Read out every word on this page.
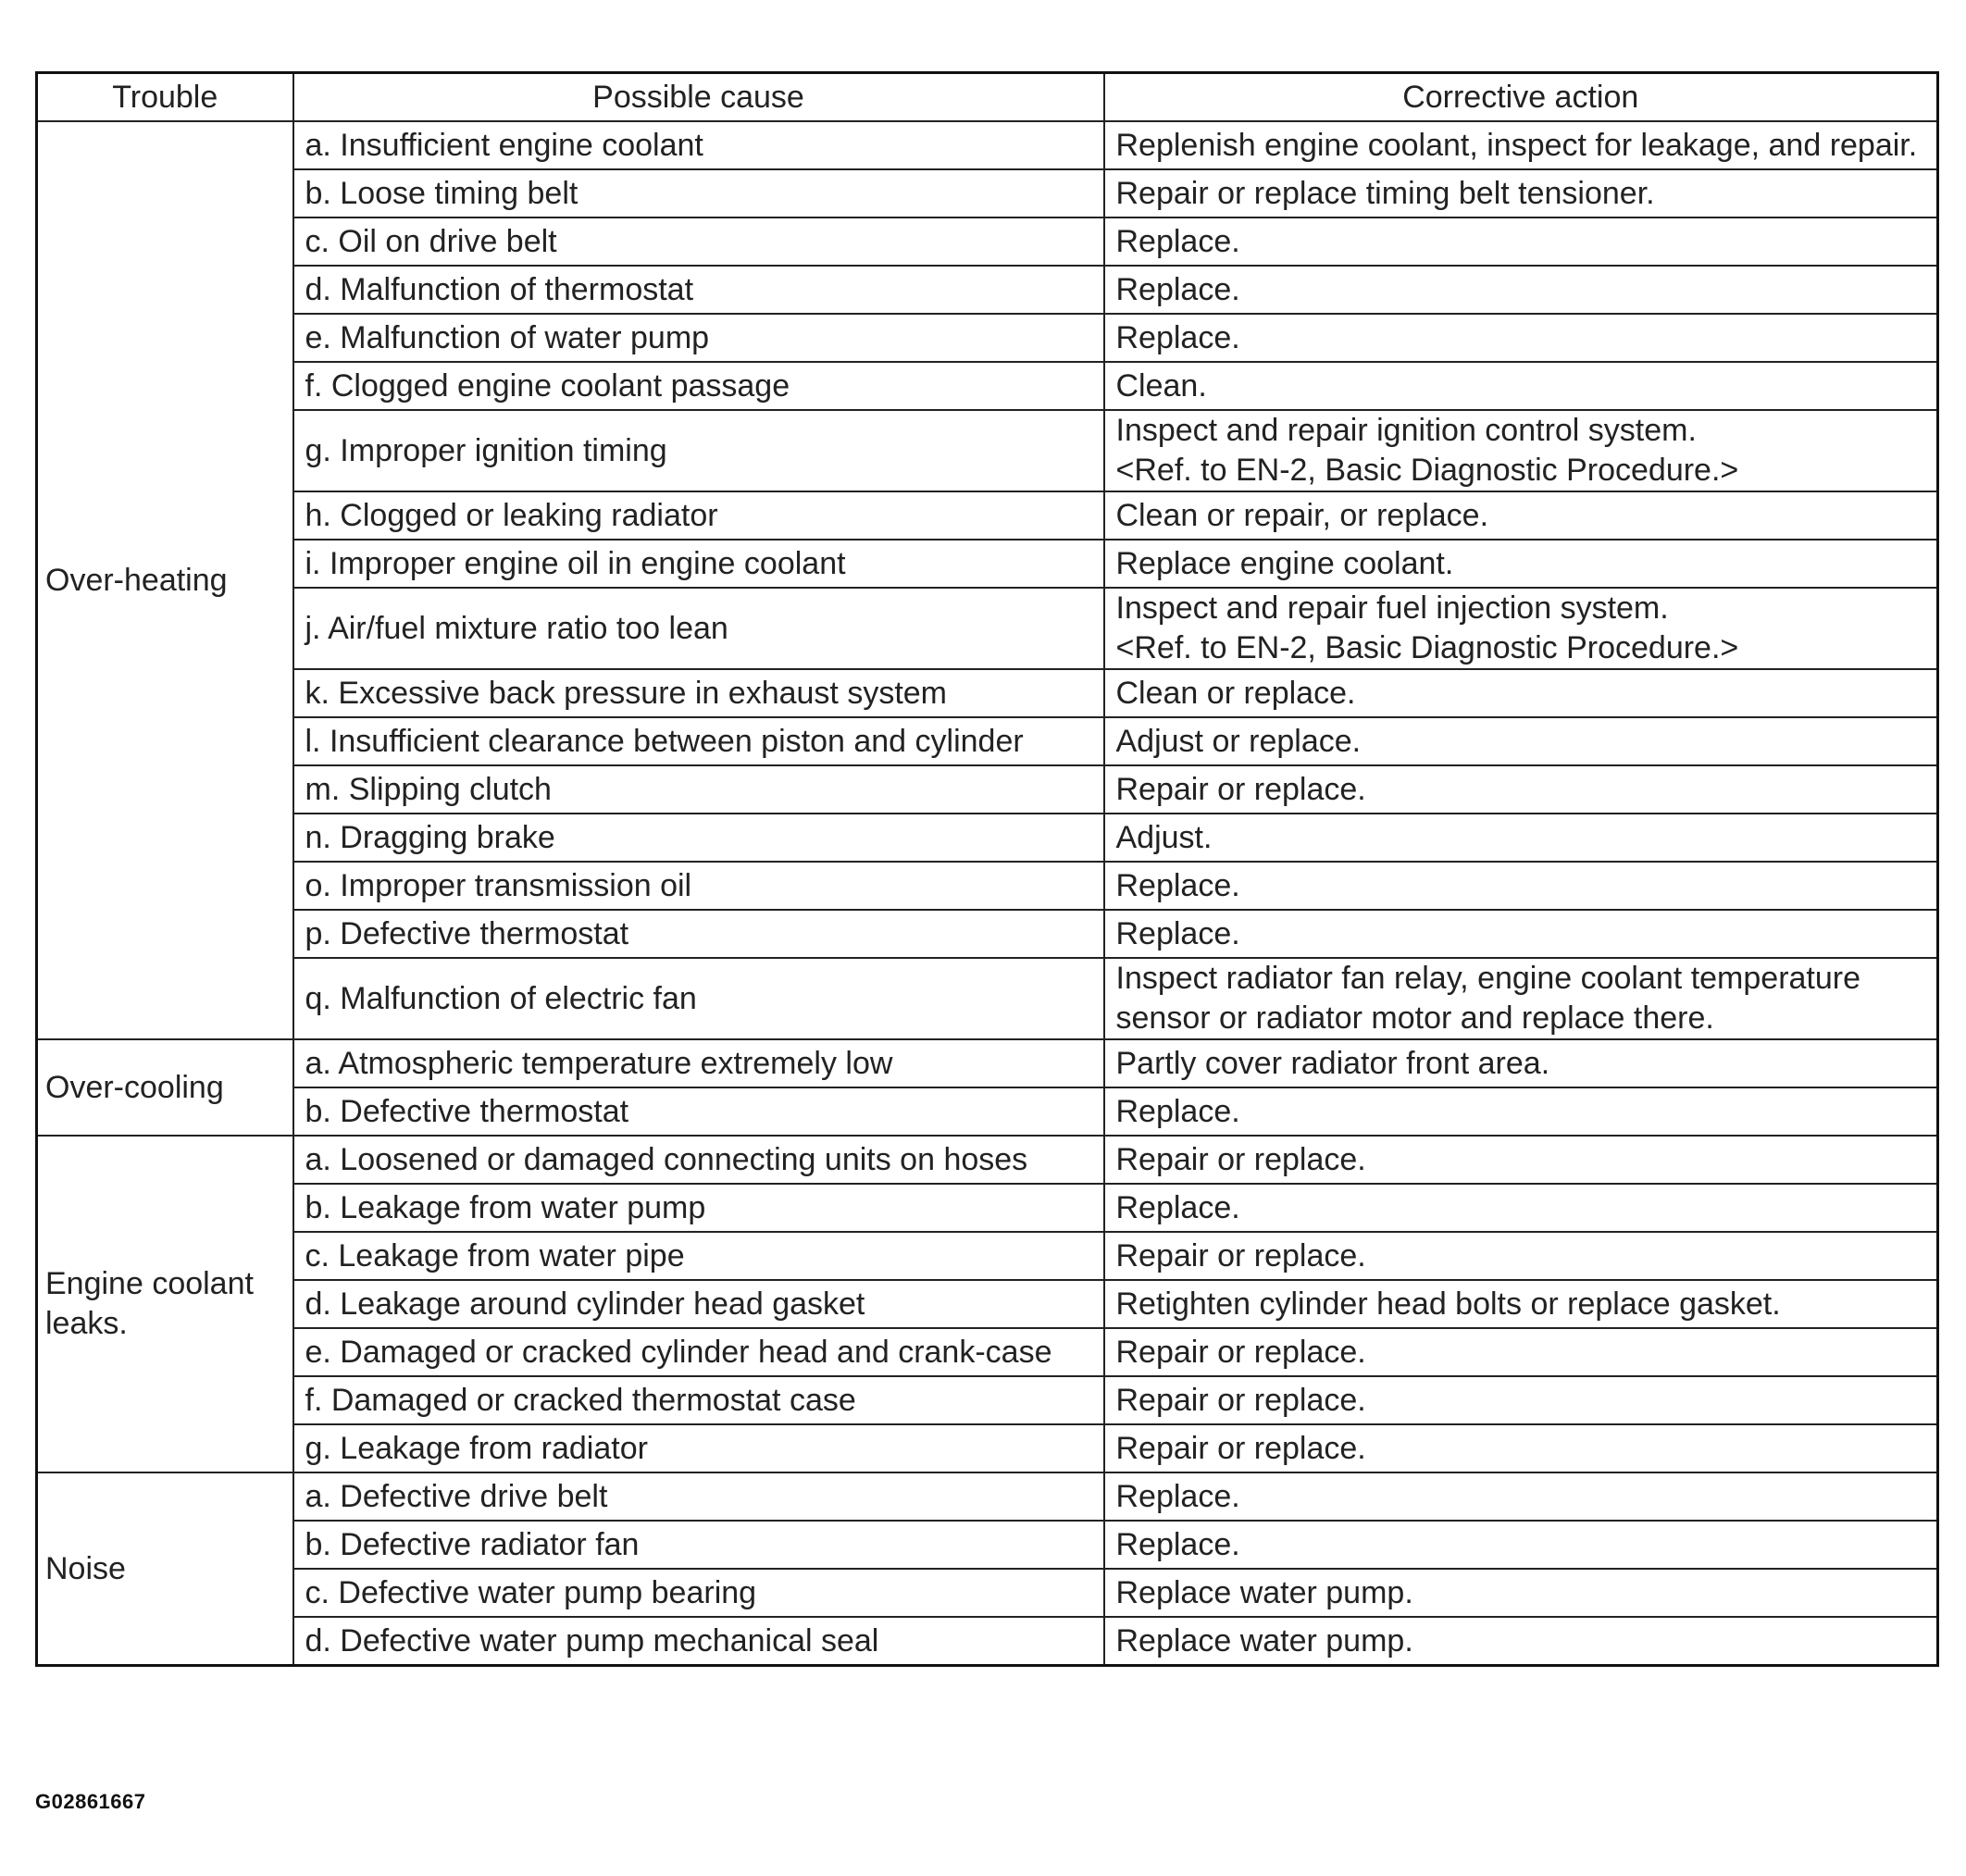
Trouble	Possible cause	Corrective action
Over-heating	a. Insufficient engine coolant	Replenish engine coolant, inspect for leakage, and repair.
	b. Loose timing belt	Repair or replace timing belt tensioner.
	c. Oil on drive belt	Replace.
	d. Malfunction of thermostat	Replace.
	e. Malfunction of water pump	Replace.
	f. Clogged engine coolant passage	Clean.
	g. Improper ignition timing	Inspect and repair ignition control system.
<Ref. to EN-2, Basic Diagnostic Procedure.>
	h. Clogged or leaking radiator	Clean or repair, or replace.
	i. Improper engine oil in engine coolant	Replace engine coolant.
	j. Air/fuel mixture ratio too lean	Inspect and repair fuel injection system.
<Ref. to EN-2, Basic Diagnostic Procedure.>
	k. Excessive back pressure in exhaust system	Clean or replace.
	l. Insufficient clearance between piston and cylinder	Adjust or replace.
	m. Slipping clutch	Repair or replace.
	n. Dragging brake	Adjust.
	o. Improper transmission oil	Replace.
	p. Defective thermostat	Replace.
	q. Malfunction of electric fan	Inspect radiator fan relay, engine coolant temperature sensor or radiator motor and replace there.
Over-cooling	a. Atmospheric temperature extremely low	Partly cover radiator front area.
	b. Defective thermostat	Replace.
Engine coolant leaks.	a. Loosened or damaged connecting units on hoses	Repair or replace.
	b. Leakage from water pump	Replace.
	c. Leakage from water pipe	Repair or replace.
	d. Leakage around cylinder head gasket	Retighten cylinder head bolts or replace gasket.
	e. Damaged or cracked cylinder head and crank-case	Repair or replace.
	f. Damaged or cracked thermostat case	Repair or replace.
	g. Leakage from radiator	Repair or replace.
Noise	a. Defective drive belt	Replace.
	b. Defective radiator fan	Replace.
	c. Defective water pump bearing	Replace water pump.
	d. Defective water pump mechanical seal	Replace water pump.
G02861667
